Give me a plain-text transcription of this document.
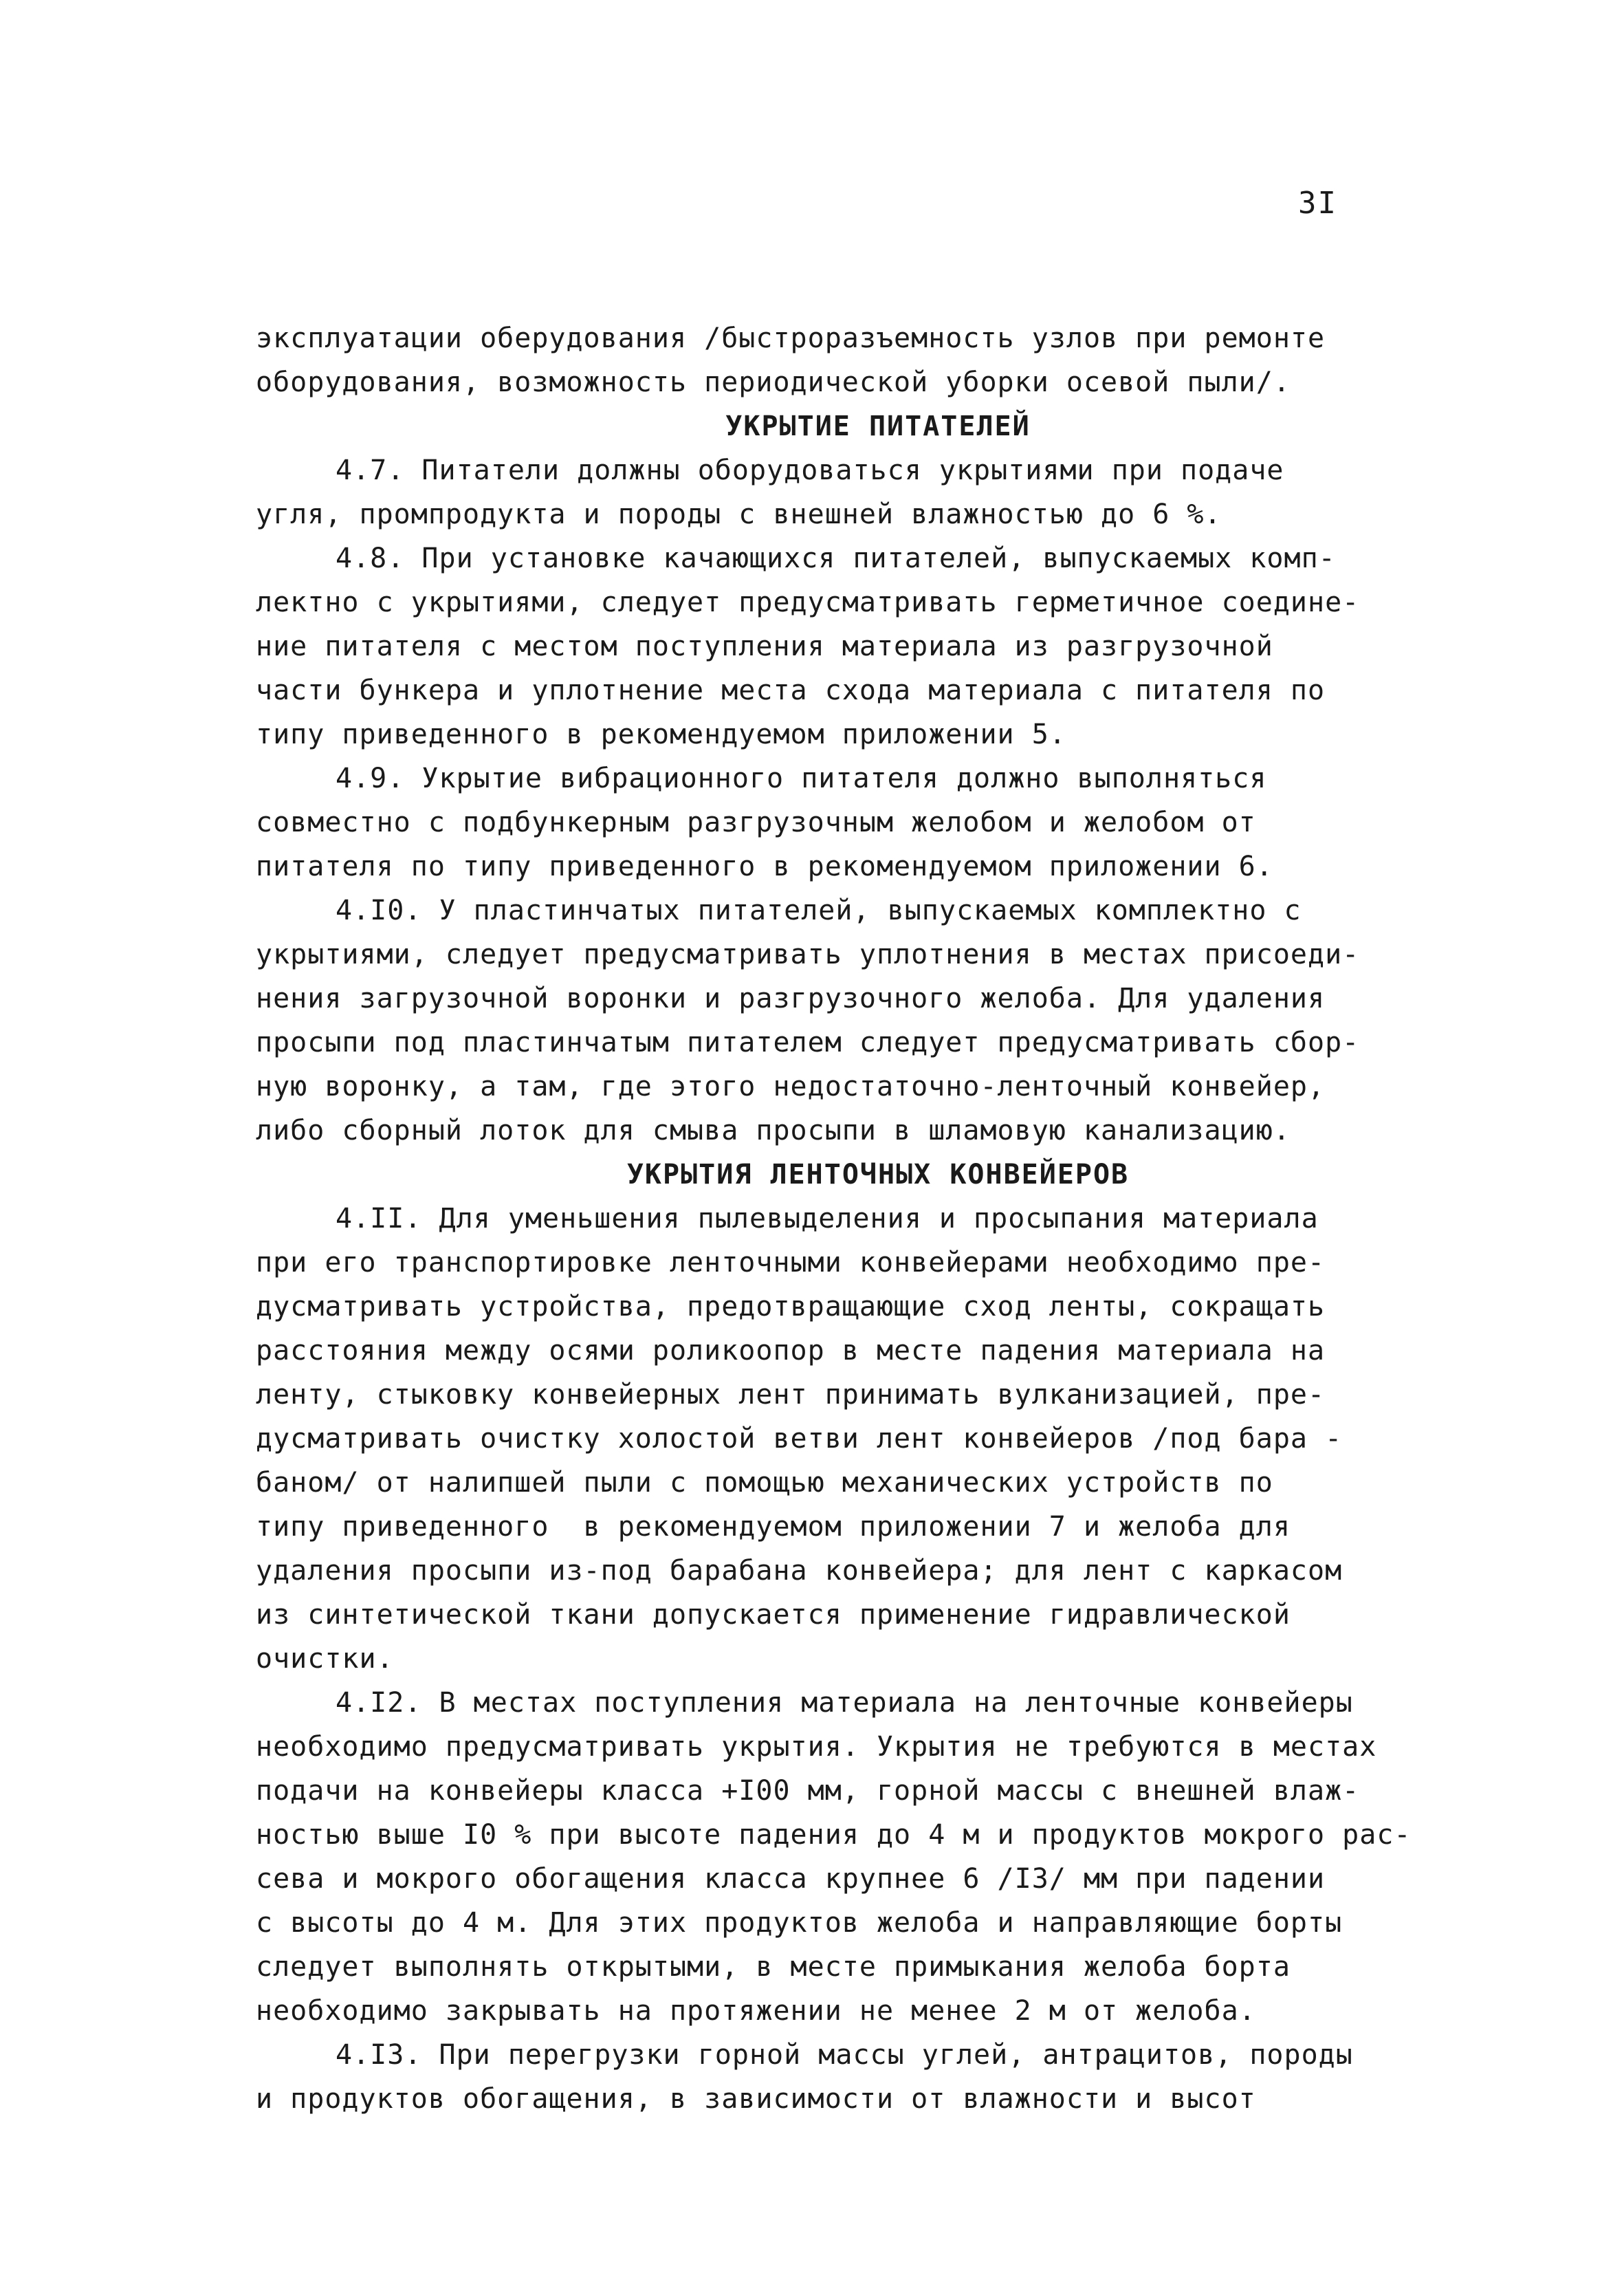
3I
эксплуатации оберудования /быстроразъемность узлов при ремонте
оборудования, возможность периодической уборки осевой пыли/.
УКРЫТИЕ ПИТАТЕЛЕЙ
4.7. Питатели должны оборудоваться укрытиями при подаче
угля, промпродукта и породы с внешней влажностью до 6 %.
4.8. При установке качающихся питателей, выпускаемых комп-
лектно с укрытиями, следует предусматривать герметичное соедине-
ние питателя с местом поступления материала из разгрузочной
части бункера и уплотнение места схода материала с питателя по
типу приведенного в рекомендуемом приложении 5.
4.9. Укрытие вибрационного питателя должно выполняться
совместно с подбункерным разгрузочным желобом и желобом от
питателя по типу приведенного в рекомендуемом приложении 6.
4.I0. У пластинчатых питателей, выпускаемых комплектно с
укрытиями, следует предусматривать уплотнения в местах присоеди-
нения загрузочной воронки и разгрузочного желоба. Для удаления
просыпи под пластинчатым питателем следует предусматривать сбор-
ную воронку, а там, где этого недостаточно-ленточный конвейер,
либо сборный лоток для смыва просыпи в шламовую канализацию.
УКРЫТИЯ ЛЕНТОЧНЫХ КОНВЕЙЕРОВ
4.II. Для уменьшения пылевыделения и просыпания материала
при его транспортировке ленточными конвейерами необходимо пре-
дусматривать устройства, предотвращающие сход ленты, сокращать
расстояния между осями роликоопор в месте падения материала на
ленту, стыковку конвейерных лент принимать вулканизацией, пре-
дусматривать очистку холостой ветви лент конвейеров /под бара -
баном/ от налипшей пыли с помощью механических устройств по
типу приведенного  в рекомендуемом приложении 7 и желоба для
удаления просыпи из-под барабана конвейера; для лент с каркасом
из синтетической ткани допускается применение гидравлической
очистки.
4.I2. В местах поступления материала на ленточные конвейеры
необходимо предусматривать укрытия. Укрытия не требуются в местах
подачи на конвейеры класса +I00 мм, горной массы с внешней влаж-
ностью выше I0 % при высоте падения до 4 м и продуктов мокрого рас-
сева и мокрого обогащения класса крупнее 6 /I3/ мм при падении
с высоты до 4 м. Для этих продуктов желоба и направляющие борты
следует выполнять открытыми, в месте примыкания желоба борта
необходимо закрывать на протяжении не менее 2 м от желоба.
4.I3. При перегрузки горной массы углей, антрацитов, породы
и продуктов обогащения, в зависимости от влажности и высот
